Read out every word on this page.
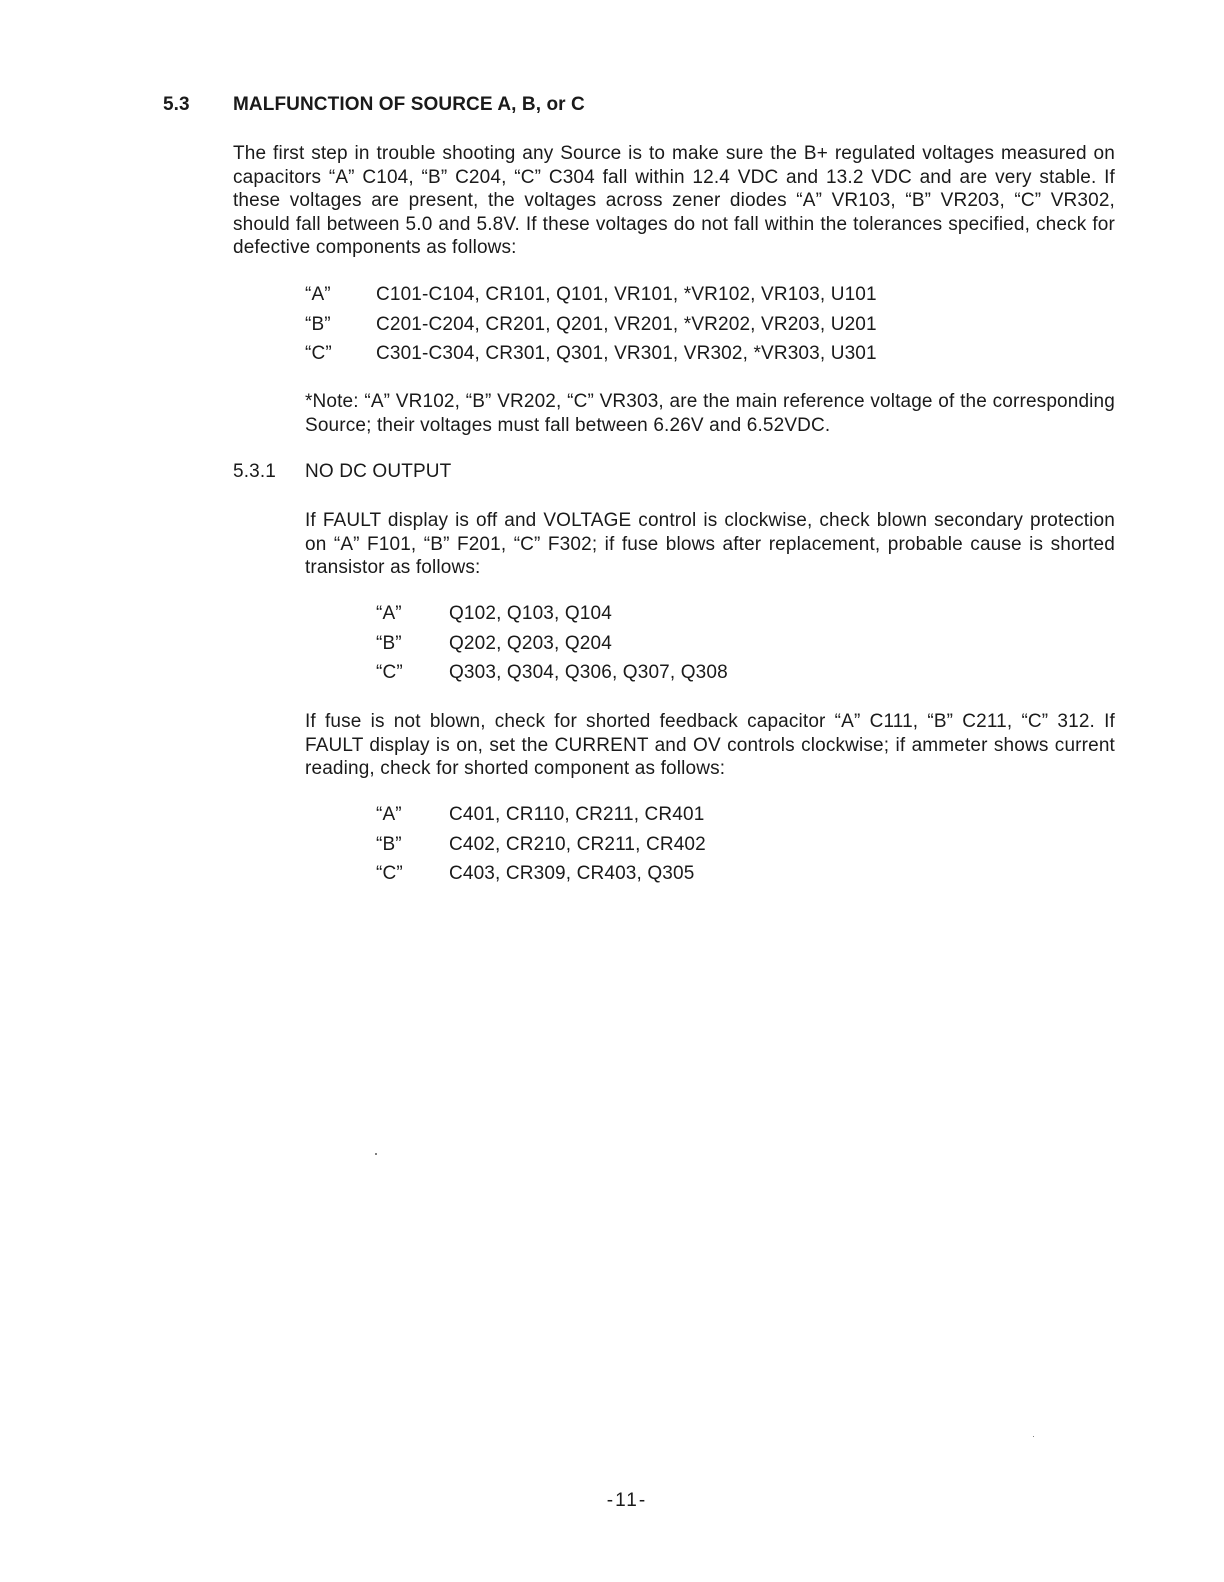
5.3 MALFUNCTION OF SOURCE A, B, or C
The first step in trouble shooting any Source is to make sure the B+ regulated voltages measured on capacitors “A” C104, “B” C204, “C” C304 fall within 12.4 VDC and 13.2 VDC and are very stable. If these voltages are present, the voltages across zener diodes “A” VR103, “B” VR203, “C” VR302, should fall between 5.0 and 5.8V. If these voltages do not fall within the tolerances specified, check for defective components as follows:
“A” C101-C104, CR101, Q101, VR101, *VR102, VR103, U101
“B” C201-C204, CR201, Q201, VR201, *VR202, VR203, U201
“C” C301-C304, CR301, Q301, VR301, VR302, *VR303, U301
*Note: “A” VR102, “B” VR202, “C” VR303, are the main reference voltage of the corresponding Source; their voltages must fall between 6.26V and 6.52VDC.
5.3.1 NO DC OUTPUT
If FAULT display is off and VOLTAGE control is clockwise, check blown secondary protection on “A” F101, “B” F201, “C” F302; if fuse blows after replacement, probable cause is shorted transistor as follows:
“A” Q102, Q103, Q104
“B” Q202, Q203, Q204
“C” Q303, Q304, Q306, Q307, Q308
If fuse is not blown, check for shorted feedback capacitor “A” C111, “B” C211, “C” 312. If FAULT display is on, set the CURRENT and OV controls clockwise; if ammeter shows current reading, check for shorted component as follows:
“A” C401, CR110, CR211, CR401
“B” C402, CR210, CR211, CR402
“C” C403, CR309, CR403, Q305
-11-
